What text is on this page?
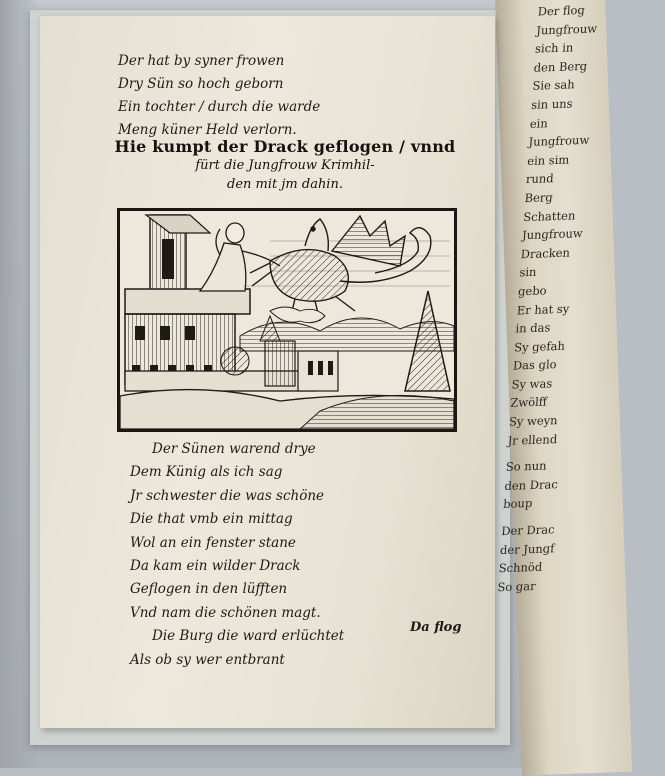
Der flog
Jungfrouw
sich in
den Berg
Sie sah
sin uns
ein
Jungfrouw
ein sim
rund
Berg
Schatten
Jungfrouw
Dracken
sin
gebo
Er hat sy
in das
Sy gefah
Das glo
Sy was
Zwölff
Sy weyn
Jr ellend
So nun
den Drac
boup
Der Drac
der Jungf
Schnöd
So gar
Der hat by syner frowen
Dry Sün so hoch geborn
Ein tochter / durch die warde
Meng küner Held verlorn.
Hie kumpt der Drack geflogen / vnnd
fürt die Jungfrouw Krimhil-
den mit jm dahin.
Der Sünen warend drye
Dem Künig als ich sag
Jr schwester die was schöne
Die that vmb ein mittag
Wol an ein fenster stane
Da kam ein wilder Drack
Geflogen in den lüfften
Vnd nam die schönen magt.
Die Burg die ward erlüchtet
Als ob sy wer entbrant
Da flog
